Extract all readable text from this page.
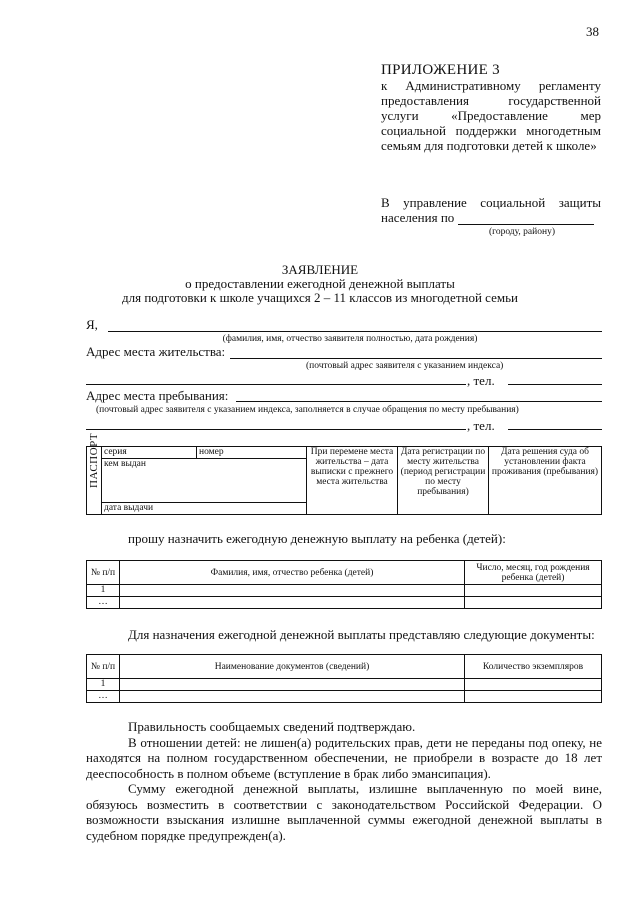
38
ПРИЛОЖЕНИЕ 3
к Административному регламенту предоставления государственной услуги «Предоставление мер социальной поддержки многодетным семьям для подготовки детей к школе»
В управление социальной защиты
населения по
(городу, району)
ЗАЯВЛЕНИЕ
о предоставлении ежегодной денежной выплаты
для подготовки к школе учащихся 2 – 11 классов из многодетной семьи
Я,
(фамилия, имя, отчество заявителя полностью, дата рождения)
Адрес места жительства:
(почтовый адрес заявителя с указанием индекса)
, тел.
Адрес места пребывания:
(почтовый адрес заявителя с указанием индекса, заполняется в случае обращения по месту пребывания)
, тел.
ПАСПОРТ	серия	номер	При перемене места жительства – дата выписки с прежнего места жительства	Дата регистрации по месту жительства (период регистрации по месту пребывания)	Дата решения суда об установлении факта проживания (пребывания)
кем выдан
дата выдачи
прошу назначить ежегодную денежную выплату на ребенка (детей):
№ п/п	Фамилия, имя, отчество ребенка (детей)	Число, месяц, год рождения ребенка (детей)
1		
…		
Для назначения ежегодной денежной выплаты представляю следующие документы:
№ п/п	Наименование документов (сведений)	Количество экземпляров
1		
…		
Правильность сообщаемых сведений подтверждаю.
В отношении детей: не лишен(а) родительских прав, дети не переданы под опеку, не находятся на полном государственном обеспечении, не приобрели в возрасте до 18 лет дееспособность в полном объеме (вступление в брак либо эмансипация).
Сумму ежегодной денежной выплаты, излишне выплаченную по моей вине, обязуюсь возместить в соответствии с законодательством Российской Федерации. О возможности взыскания излишне выплаченной суммы ежегодной денежной выплаты в судебном порядке предупрежден(а).
